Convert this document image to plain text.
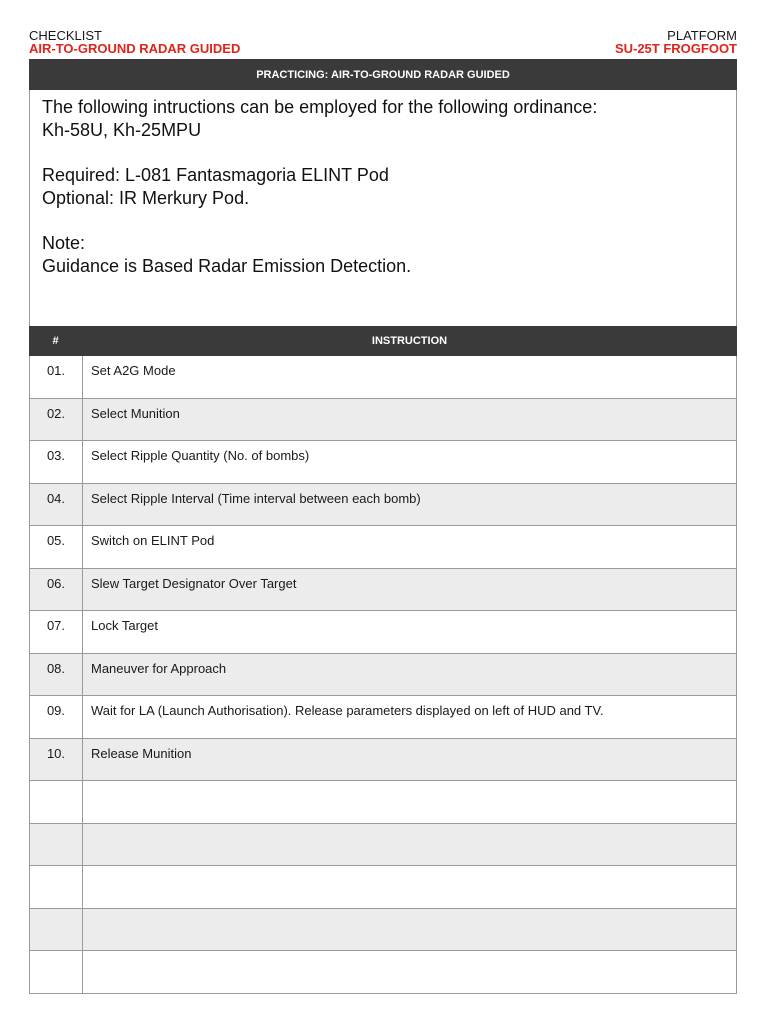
CHECKLIST	PLATFORM
AIR-TO-GROUND RADAR GUIDED	SU-25T FROGFOOT
PRACTICING: AIR-TO-GROUND RADAR GUIDED

The following intructions can be employed for the following ordinance:

Kh-58U, Kh-25MPU

Required: L-081 Fantasmagoria ELINT Pod

Optional: IR Merkury Pod.

Note:

Guidance is Based Radar Emission Detection.

#	INSTRUCTION
01.	Set A2G Mode
02.	Select Munition
03.	Select Ripple Quantity (No. of bombs)
04.	Select Ripple Interval (Time interval between each bomb)
05.	Switch on ELINT Pod
06.	Slew Target Designator Over Target
07.	Lock Target
08.	Maneuver for Approach
09.	Wait for LA (Launch Authorisation). Release parameters displayed on left of HUD and TV.
10.	Release Munition
